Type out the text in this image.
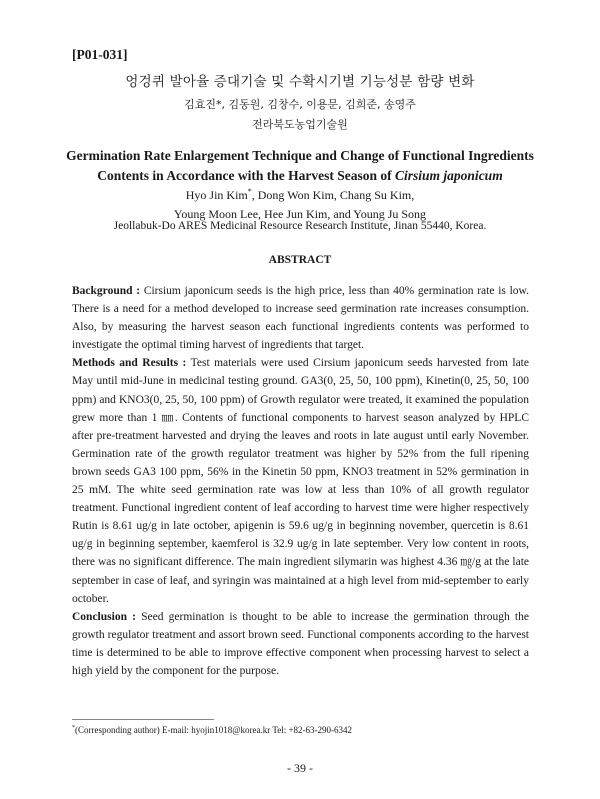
[P01-031]
엉겅퀴 발아율 증대기술 및 수확시기별 기능성분 함량 변화
김효진*, 김동원, 김창수, 이용문, 김희준, 송영주
전라북도농업기술원
Germination Rate Enlargement Technique and Change of Functional Ingredients
Contents in Accordance with the Harvest Season of Cirsium japonicum
Hyo Jin Kim*, Dong Won Kim, Chang Su Kim,
Young Moon Lee, Hee Jun Kim, and Young Ju Song
Jeollabuk-Do ARES Medicinal Resource Research Institute, Jinan 55440, Korea.
ABSTRACT

Background : Cirsium japonicum seeds is the high price, less than 40% germination rate is low. There is a need for a method developed to increase seed germination rate increases consumption. Also, by measuring the harvest season each functional ingredients contents was performed to investigate the optimal timing harvest of ingredients that target.

Methods and Results : Test materials were used Cirsium japonicum seeds harvested from late May until mid-June in medicinal testing ground. GA3(0, 25, 50, 100 ppm), Kinetin(0, 25, 50, 100 ppm) and KNO3(0, 25, 50, 100 ppm) of Growth regulator were treated, it examined the population grew more than 1 ㎜. Contents of functional components to harvest season analyzed by HPLC after pre-treatment harvested and drying the leaves and roots in late august until early November. Germination rate of the growth regulator treatment was higher by 52% from the full ripening brown seeds GA3 100 ppm, 56% in the Kinetin 50 ppm, KNO3 treatment in 52% germination in 25 mM. The white seed germination rate was low at less than 10% of all growth regulator treatment. Functional ingredient content of leaf according to harvest time were higher respectively Rutin is 8.61 ug/g in late october, apigenin is 59.6 ug/g in beginning november, quercetin is 8.61 ug/g in beginning september, kaemferol is 32.9 ug/g in late september. Very low content in roots, there was no significant difference. The main ingredient silymarin was highest 4.36 ㎎/g at the late september in case of leaf, and syringin was maintained at a high level from mid-september to early october.

Conclusion : Seed germination is thought to be able to increase the germination through the growth regulator treatment and assort brown seed. Functional components according to the harvest time is determined to be able to improve effective component when processing harvest to select a high yield by the component for the purpose.

*(Corresponding author) E-mail: hyojin1018@korea.kr Tel: +82-63-290-6342
- 39 -
